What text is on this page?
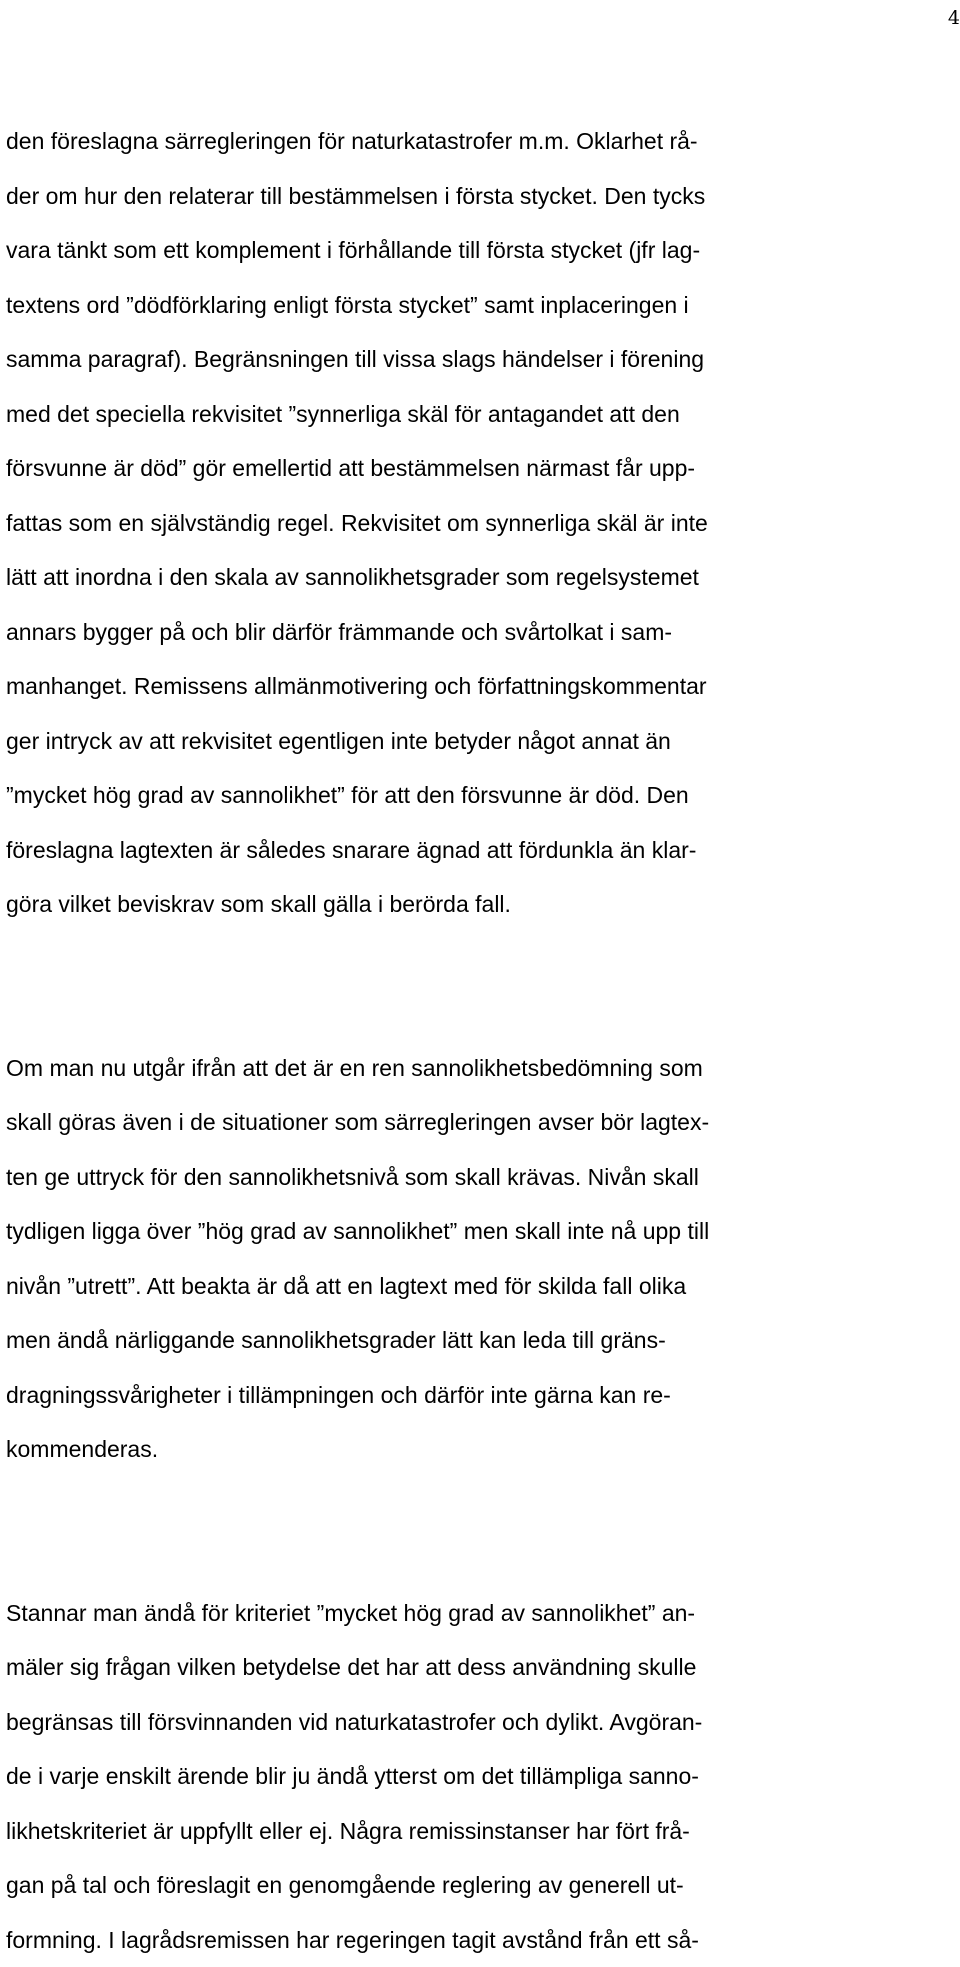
4
den föreslagna särregleringen för naturkatastrofer m.m. Oklarhet rå-
der om hur den relaterar till bestämmelsen i första stycket. Den tycks
vara tänkt som ett komplement i förhållande till första stycket (jfr lag-
textens ord ”dödförklaring enligt första stycket” samt inplaceringen i
samma paragraf). Begränsningen till vissa slags händelser i förening
med det speciella rekvisitet ”synnerliga skäl för antagandet att den
försvunne är död” gör emellertid att bestämmelsen närmast får upp-
fattas som en självständig regel. Rekvisitet om synnerliga skäl är inte
lätt att inordna i den skala av sannolikhetsgrader som regelsystemet
annars bygger på och blir därför främmande och svårtolkat i sam-
manhanget. Remissens allmänmotivering och författningskommentar
ger intryck av att rekvisitet egentligen inte betyder något annat än
”mycket hög grad av sannolikhet” för att den försvunne är död. Den
föreslagna lagtexten är således snarare ägnad att fördunkla än klar-
göra vilket beviskrav som skall gälla i berörda fall.
Om man nu utgår ifrån att det är en ren sannolikhetsbedömning som
skall göras även i de situationer som särregleringen avser bör lagtex-
ten ge uttryck för den sannolikhetsnivå som skall krävas. Nivån skall
tydligen ligga över ”hög grad av sannolikhet” men skall inte nå upp till
nivån ”utrett”. Att beakta är då att en lagtext med för skilda fall olika
men ändå närliggande sannolikhetsgrader lätt kan leda till gräns-
dragningssvårigheter i tillämpningen och därför inte gärna kan re-
kommenderas.
Stannar man ändå för kriteriet ”mycket hög grad av sannolikhet” an-
mäler sig frågan vilken betydelse det har att dess användning skulle
begränsas till försvinnanden vid naturkatastrofer och dylikt. Avgöran-
de i varje enskilt ärende blir ju ändå ytterst om det tillämpliga sanno-
likhetskriteriet är uppfyllt eller ej. Några remissinstanser har fört frå-
gan på tal och föreslagit en genomgående reglering av generell ut-
formning. I lagrådsremissen har regeringen tagit avstånd från ett så-
